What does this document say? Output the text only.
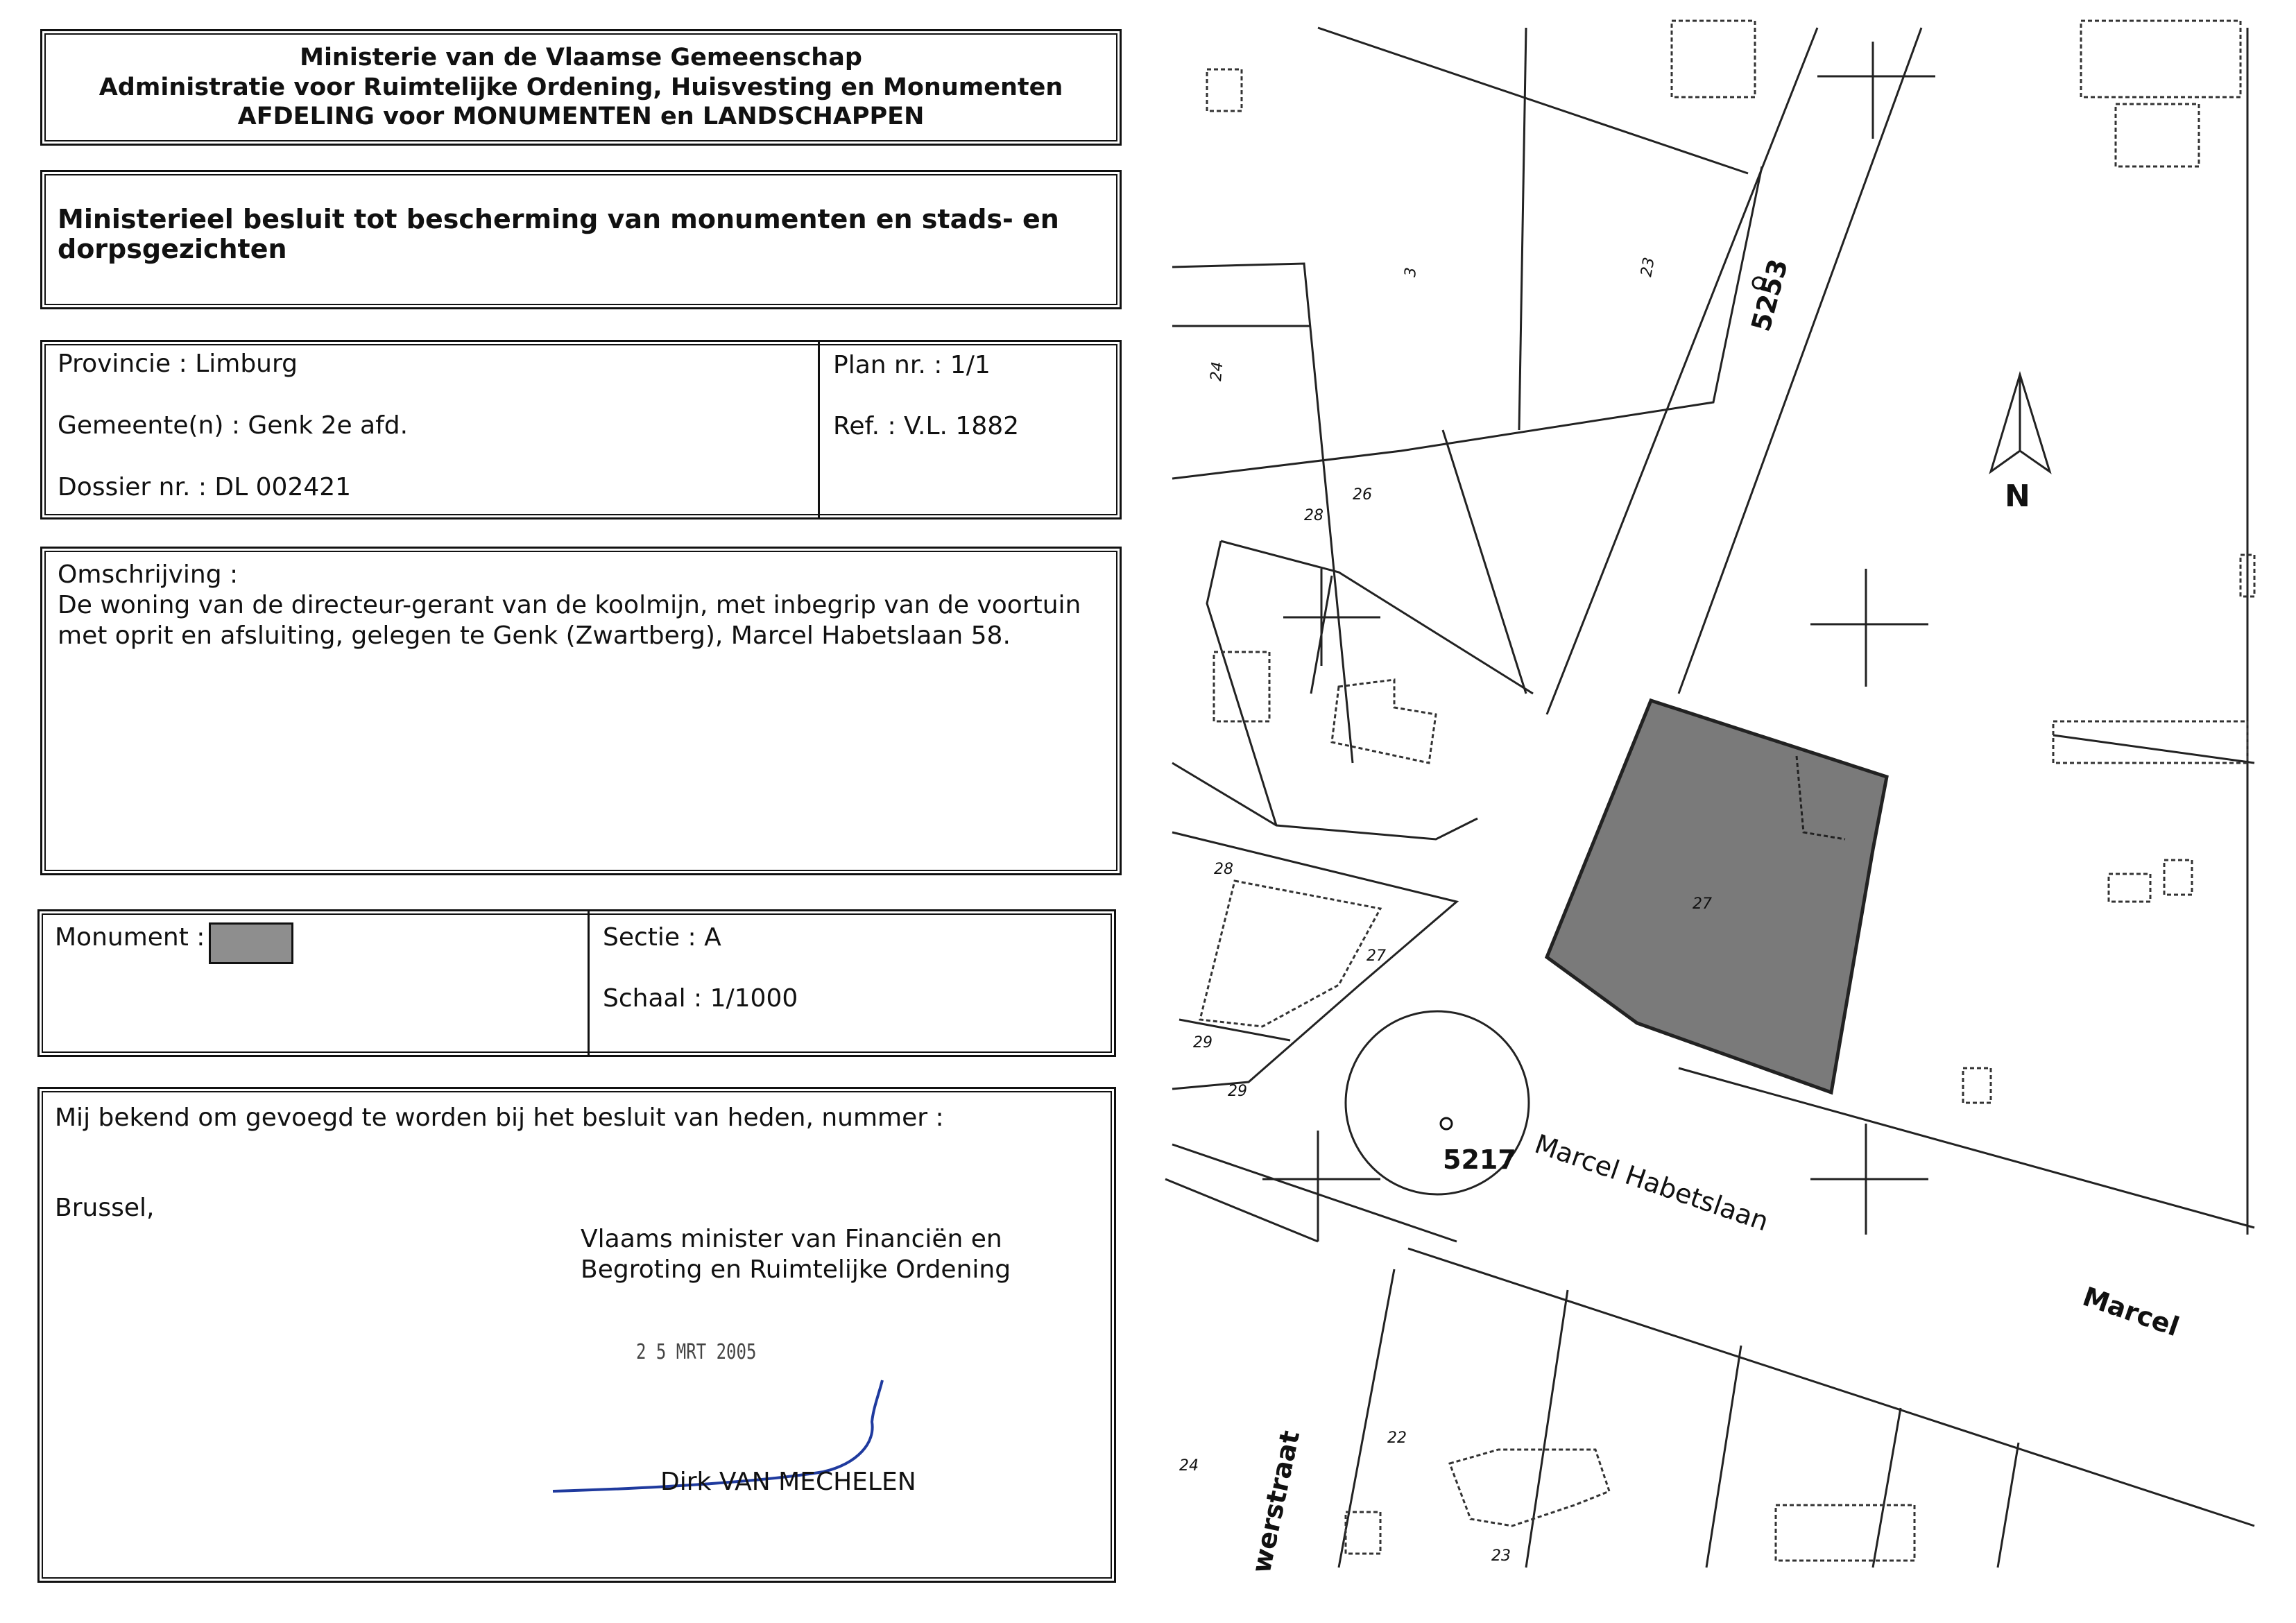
N
Marcel Habetslaan
Marcel
werstraat
5253
5217
24
3	23
28
26
27
29
24
22
23
27
28
29
Ministerie van de Vlaamse Gemeenschap
Administratie voor Ruimtelijke Ordening, Huisvesting en Monumenten
AFDELING voor MONUMENTEN en LANDSCHAPPEN
Ministerieel besluit tot bescherming van monumenten en stads- en
dorpsgezichten
Provincie : Limburg
Gemeente(n) : Genk 2e afd.
Dossier nr. : DL 002421
Plan nr. : 1/1
Ref. : V.L. 1882
Omschrijving :
De woning van de directeur-gerant van de koolmijn, met inbegrip van de voortuin
met oprit en afsluiting, gelegen te Genk (Zwartberg), Marcel Habetslaan 58.
Monument :	Sectie : A
Schaal : 1/1000
Mij bekend om gevoegd te worden bij het besluit van heden, nummer :
Brussel,
Vlaams minister van Financiën en
Begroting en Ruimtelijke Ordening
2 5 MRT 2005
Dirk VAN MECHELEN
